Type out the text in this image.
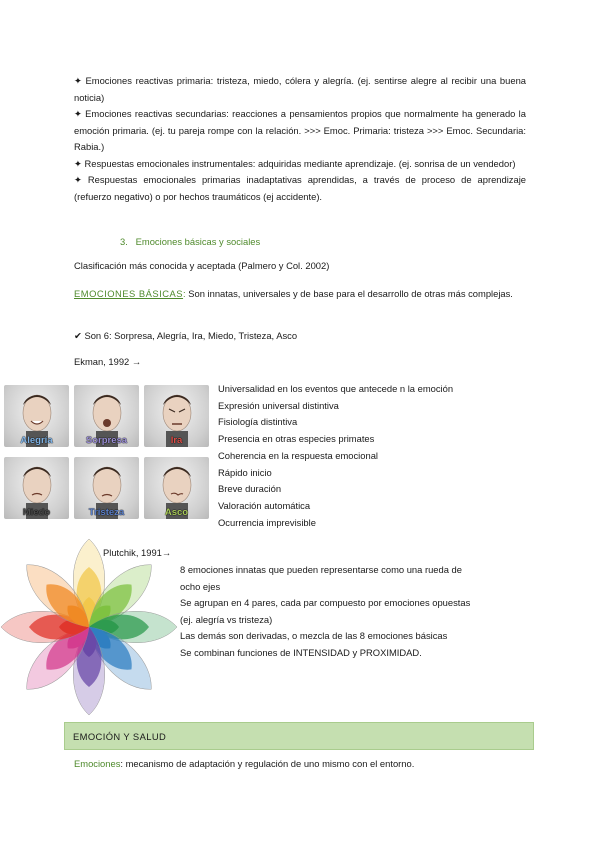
✦ Emociones reactivas primaria: tristeza, miedo, cólera y alegría. (ej. sentirse alegre al recibir una buena noticia)

✦ Emociones reactivas secundarias: reacciones a pensamientos propios que normalmente ha generado la emoción primaria. (ej. tu pareja rompe con la relación. >>> Emoc. Primaria: tristeza >>> Emoc. Secundaria: Rabia.)

✦ Respuestas emocionales instrumentales: adquiridas mediante aprendizaje. (ej. sonrisa de un vendedor)

✦ Respuestas emocionales primarias inadaptativas aprendidas, a través de proceso de aprendizaje (refuerzo negativo) o por hechos traumáticos (ej accidente).

3. Emociones básicas y sociales
Clasificación más conocida y aceptada (Palmero y Col. 2002)
EMOCIONES BÁSICAS: Son innatas, universales y de base para el desarrollo de otras más complejas.
✔ Son 6: Sorpresa, Alegría, Ira, Miedo, Tristeza, Asco
Ekman, 1992 →
Alegría	Sorpresa	Ira
Miedo	Tristeza	Asco
Universalidad en los eventos que antecede n la emoción
Expresión universal distintiva
Fisiología distintiva
Presencia en otras especies primates
Coherencia en la respuesta emocional
Rápido inicio
Breve duración
Valoración automática
Ocurrencia imprevisible
Plutchik, 1991→
8 emociones innatas que pueden representarse como una rueda de
ocho ejes
Se agrupan en 4 pares, cada par compuesto por emociones opuestas
(ej. alegría vs tristeza)
Las demás son derivadas, o mezcla de las 8 emociones básicas
Se combinan funciones de INTENSIDAD y PROXIMIDAD.
EMOCIÓN Y SALUD
Emociones: mecanismo de adaptación y regulación de uno mismo con el entorno.
